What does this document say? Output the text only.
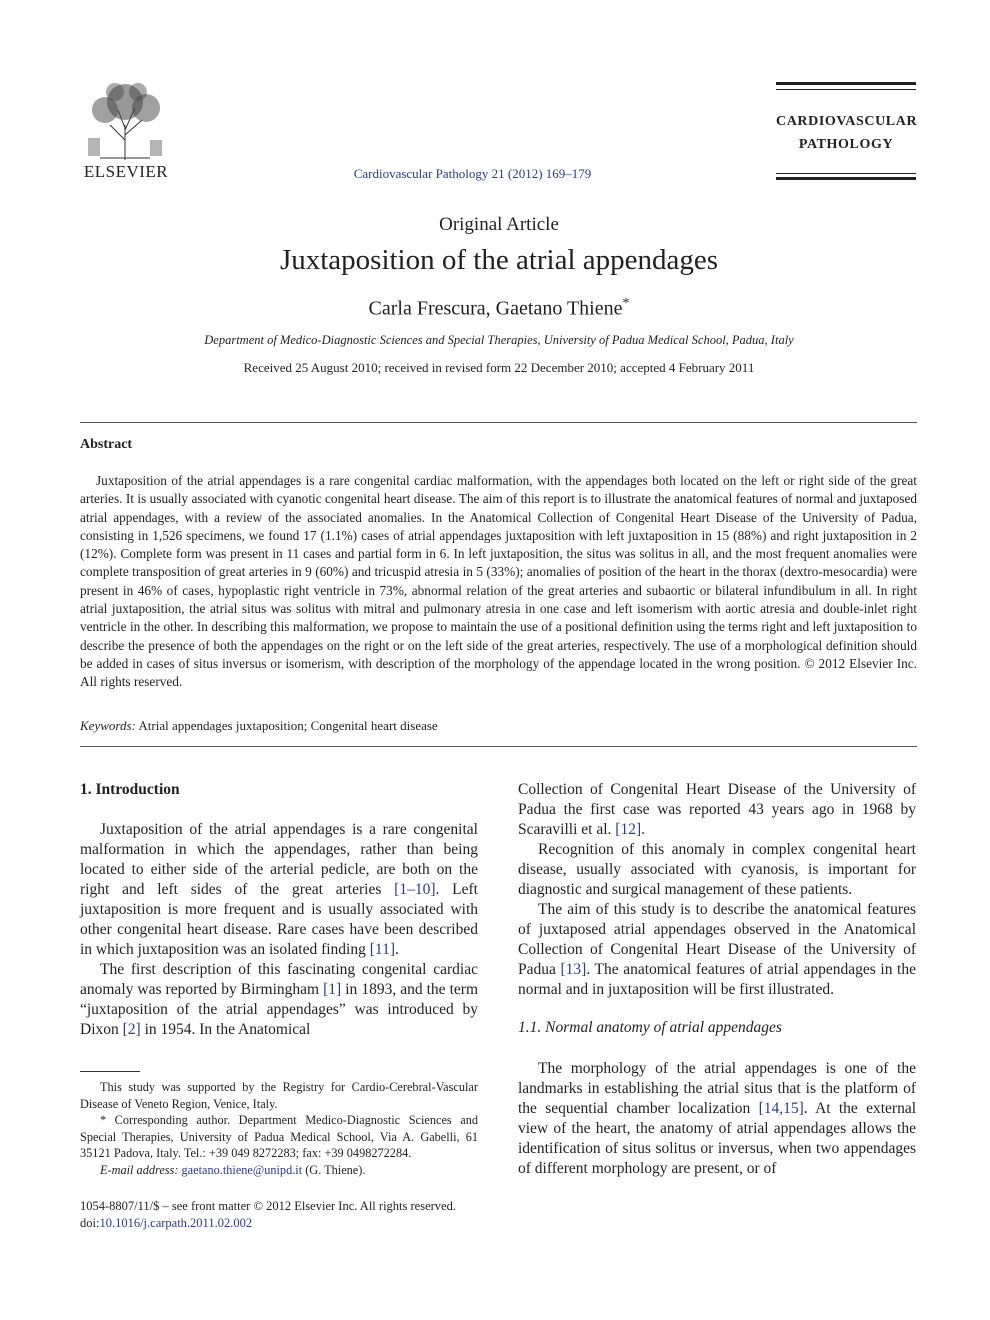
ELSEVIER	Cardiovascular Pathology 21 (2012) 169–179
CARDIOVASCULAR
PATHOLOGY
Original Article
Juxtaposition of the atrial appendages
Carla Frescura, Gaetano Thiene*
Department of Medico-Diagnostic Sciences and Special Therapies, University of Padua Medical School, Padua, Italy
Received 25 August 2010; received in revised form 22 December 2010; accepted 4 February 2011
Abstract
Juxtaposition of the atrial appendages is a rare congenital cardiac malformation, with the appendages both located on the left or right side of the great arteries. It is usually associated with cyanotic congenital heart disease. The aim of this report is to illustrate the anatomical features of normal and juxtaposed atrial appendages, with a review of the associated anomalies. In the Anatomical Collection of Congenital Heart Disease of the University of Padua, consisting in 1,526 specimens, we found 17 (1.1%) cases of atrial appendages juxtaposition with left juxtaposition in 15 (88%) and right juxtaposition in 2 (12%). Complete form was present in 11 cases and partial form in 6. In left juxtaposition, the situs was solitus in all, and the most frequent anomalies were complete transposition of great arteries in 9 (60%) and tricuspid atresia in 5 (33%); anomalies of position of the heart in the thorax (dextro-mesocardia) were present in 46% of cases, hypoplastic right ventricle in 73%, abnormal relation of the great arteries and subaortic or bilateral infundibulum in all. In right atrial juxtaposition, the atrial situs was solitus with mitral and pulmonary atresia in one case and left isomerism with aortic atresia and double-inlet right ventricle in the other. In describing this malformation, we propose to maintain the use of a positional definition using the terms right and left juxtaposition to describe the presence of both the appendages on the right or on the left side of the great arteries, respectively. The use of a morphological definition should be added in cases of situs inversus or isomerism, with description of the morphology of the appendage located in the wrong position. © 2012 Elsevier Inc. All rights reserved.
Keywords: Atrial appendages juxtaposition; Congenital heart disease
1. Introduction

Juxtaposition of the atrial appendages is a rare congenital malformation in which the appendages, rather than being located to either side of the arterial pedicle, are both on the right and left sides of the great arteries [1–10]. Left juxtaposition is more frequent and is usually associated with other congenital heart disease. Rare cases have been described in which juxtaposition was an isolated finding [11].

The first description of this fascinating congenital cardiac anomaly was reported by Birmingham [1] in 1893, and the term “juxtaposition of the atrial appendages” was introduced by Dixon [2] in 1954. In the Anatomical

Collection of Congenital Heart Disease of the University of Padua the first case was reported 43 years ago in 1968 by Scaravilli et al. [12].

Recognition of this anomaly in complex congenital heart disease, usually associated with cyanosis, is important for diagnostic and surgical management of these patients.

The aim of this study is to describe the anatomical features of juxtaposed atrial appendages observed in the Anatomical Collection of Congenital Heart Disease of the University of Padua [13]. The anatomical features of atrial appendages in the normal and in juxtaposition will be first illustrated.

1.1. Normal anatomy of atrial appendages

The morphology of the atrial appendages is one of the landmarks in establishing the atrial situs that is the platform of the sequential chamber localization [14,15]. At the external view of the heart, the anatomy of atrial appendages allows the identification of situs solitus or inversus, when two appendages of different morphology are present, or of

This study was supported by the Registry for Cardio-Cerebral-Vascular Disease of Veneto Region, Venice, Italy.

* Corresponding author. Department Medico-Diagnostic Sciences and Special Therapies, University of Padua Medical School, Via A. Gabelli, 61 35121 Padova, Italy. Tel.: +39 049 8272283; fax: +39 0498272284.

E-mail address: gaetano.thiene@unipd.it (G. Thiene).

1054-8807/11/$ – see front matter © 2012 Elsevier Inc. All rights reserved.
doi:10.1016/j.carpath.2011.02.002
